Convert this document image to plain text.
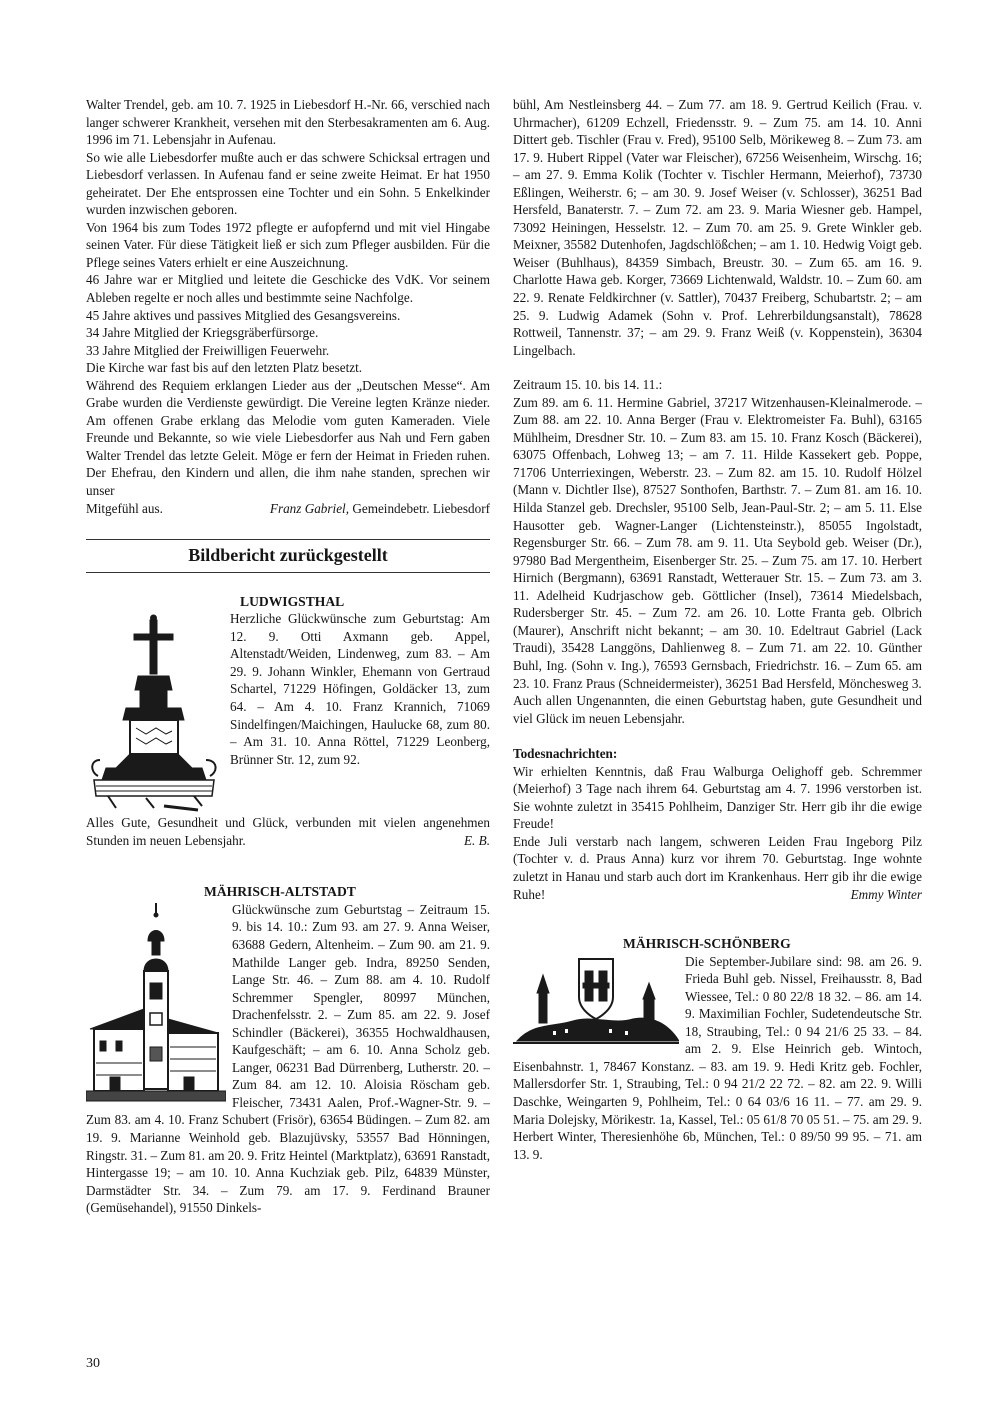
Walter Trendel, geb. am 10. 7. 1925 in Liebesdorf H.-Nr. 66, verschied nach langer schwerer Krankheit, versehen mit den Sterbesakramenten am 6. Aug. 1996 im 71. Lebensjahr in Aufenau.

So wie alle Liebesdorfer mußte auch er das schwere Schicksal ertragen und Liebesdorf verlassen. In Aufenau fand er seine zweite Heimat. Er hat 1950 geheiratet. Der Ehe entsprossen eine Tochter und ein Sohn. 5 Enkelkinder wurden inzwischen geboren.

Von 1964 bis zum Todes 1972 pflegte er aufopfernd und mit viel Hingabe seinen Vater. Für diese Tätigkeit ließ er sich zum Pfleger ausbilden. Für die Pflege seines Vaters erhielt er eine Auszeichnung.

46 Jahre war er Mitglied und leitete die Geschicke des VdK. Vor seinem Ableben regelte er noch alles und bestimmte seine Nachfolge.

45 Jahre aktives und passives Mitglied des Gesangsvereins.

34 Jahre Mitglied der Kriegsgräberfürsorge.

33 Jahre Mitglied der Freiwilligen Feuerwehr.

Die Kirche war fast bis auf den letzten Platz besetzt.

Während des Requiem erklangen Lieder aus der „Deutschen Messe“. Am Grabe wurden die Verdienste gewürdigt. Die Vereine legten Kränze nieder. Am offenen Grabe erklang das Melodie vom guten Kameraden. Viele Freunde und Bekannte, so wie viele Liebesdorfer aus Nah und Fern gaben Walter Trendel das letzte Geleit. Möge er fern der Heimat in Frieden ruhen. Der Ehefrau, den Kindern und allen, die ihm nahe standen, sprechen wir unser

Mitgefühl aus.	Franz Gabriel, Gemeindebetr. Liebesdorf
Bildbericht zurückgestellt
LUDWIGSTHAL

Herzliche Glückwünsche zum Geburtstag: Am 12. 9. Otti Axmann geb. Appel, Altenstadt/Weiden, Lindenweg, zum 83. – Am 29. 9. Johann Winkler, Ehemann von Gertraud Schartel, 71229 Höfingen, Goldäcker 13, zum 64. – Am 4. 10. Franz Krannich, 71069 Sindelfingen/Maichingen, Haulucke 68, zum 80. – Am 31. 10. Anna Röttel, 71229 Leonberg, Brünner Str. 12, zum 92.

Alles Gute, Gesundheit und Glück, verbunden mit vielen angenehmen Stunden im neuen Lebensjahr.	E. B.
MÄHRISCH-ALTSTADT

Glückwünsche zum Geburtstag – Zeitraum 15. 9. bis 14. 10.: Zum 93. am 27. 9. Anna Weiser, 63688 Gedern, Altenheim. – Zum 90. am 21. 9. Mathilde Langer geb. Indra, 89250 Senden, Lange Str. 46. – Zum 88. am 4. 10. Rudolf Schremmer Spengler, 80997 München, Drachenfelsstr. 2. – Zum 85. am 22. 9. Josef Schindler (Bäckerei), 36355 Hochwaldhausen, Kaufgeschäft; – am 6. 10. Anna Scholz geb. Langer, 06231 Bad Dürrenberg, Lutherstr. 20. – Zum 84. am 12. 10. Aloisia Röscham geb. Fleischer, 73431 Aalen, Prof.-Wagner-Str. 9. – Zum 83. am 4. 10. Franz Schubert (Frisör), 63654 Büdingen. – Zum 82. am 19. 9. Marianne Weinhold geb. Blazujüvsky, 53557 Bad Hönningen, Ringstr. 31. – Zum 81. am 20. 9. Fritz Heintel (Marktplatz), 63691 Ranstadt, Hintergasse 19; – am 10. 10. Anna Kuchziak geb. Pilz, 64839 Münster, Darmstädter Str. 34. – Zum 79. am 17. 9. Ferdinand Brauner (Gemüsehandel), 91550 Dinkels-

bühl, Am Nestleinsberg 44. – Zum 77. am 18. 9. Gertrud Keilich (Frau. v. Uhrmacher), 61209 Echzell, Friedensstr. 9. – Zum 75. am 14. 10. Anni Dittert geb. Tischler (Frau v. Fred), 95100 Selb, Mörikeweg 8. – Zum 73. am 17. 9. Hubert Rippel (Vater war Fleischer), 67256 Weisenheim, Wirschg. 16; – am 27. 9. Emma Kolik (Tochter v. Tischler Hermann, Meierhof), 73730 Eßlingen, Weiherstr. 6; – am 30. 9. Josef Weiser (v. Schlosser), 36251 Bad Hersfeld, Banaterstr. 7. – Zum 72. am 23. 9. Maria Wiesner geb. Hampel, 73092 Heiningen, Hesselstr. 12. – Zum 70. am 25. 9. Grete Winkler geb. Meixner, 35582 Dutenhofen, Jagdschlößchen; – am 1. 10. Hedwig Voigt geb. Weiser (Buhlhaus), 84359 Simbach, Breustr. 30. – Zum 65. am 16. 9. Charlotte Hawa geb. Korger, 73669 Lichtenwald, Waldstr. 10. – Zum 60. am 22. 9. Renate Feldkirchner (v. Sattler), 70437 Freiberg, Schubartstr. 2; – am 25. 9. Ludwig Adamek (Sohn v. Prof. Lehrerbildungsanstalt), 78628 Rottweil, Tannenstr. 37; – am 29. 9. Franz Weiß (v. Koppenstein), 36304 Lingelbach.

Zeitraum 15. 10. bis 14. 11.:

Zum 89. am 6. 11. Hermine Gabriel, 37217 Witzenhausen-Kleinalmerode. – Zum 88. am 22. 10. Anna Berger (Frau v. Elektromeister Fa. Buhl), 63165 Mühlheim, Dresdner Str. 10. – Zum 83. am 15. 10. Franz Kosch (Bäckerei), 63075 Offenbach, Lohweg 13; – am 7. 11. Hilde Kassekert geb. Poppe, 71706 Unterriexingen, Weberstr. 23. – Zum 82. am 15. 10. Rudolf Hölzel (Mann v. Dichtler Ilse), 87527 Sonthofen, Barthstr. 7. – Zum 81. am 16. 10. Hilda Stanzel geb. Drechsler, 95100 Selb, Jean-Paul-Str. 2; – am 5. 11. Else Hausotter geb. Wagner-Langer (Lichtensteinstr.), 85055 Ingolstadt, Regensburger Str. 66. – Zum 78. am 9. 11. Uta Seybold geb. Weiser (Dr.), 97980 Bad Mergentheim, Eisenberger Str. 25. – Zum 75. am 17. 10. Herbert Hirnich (Bergmann), 63691 Ranstadt, Wetterauer Str. 15. – Zum 73. am 3. 11. Adelheid Kudrjaschow geb. Göttlicher (Insel), 73614 Miedelsbach, Rudersberger Str. 45. – Zum 72. am 26. 10. Lotte Franta geb. Olbrich (Maurer), Anschrift nicht bekannt; – am 30. 10. Edeltraut Gabriel (Lack Traudi), 35428 Langgöns, Dahlienweg 8. – Zum 71. am 22. 10. Günther Buhl, Ing. (Sohn v. Ing.), 76593 Gernsbach, Friedrichstr. 16. – Zum 65. am 23. 10. Franz Praus (Schneidermeister), 36251 Bad Hersfeld, Mönchesweg 3.

Auch allen Ungenannten, die einen Geburtstag haben, gute Gesundheit und viel Glück im neuen Lebensjahr.

Todesnachrichten:

Wir erhielten Kenntnis, daß Frau Walburga Oelighoff geb. Schremmer (Meierhof) 3 Tage nach ihrem 64. Geburtstag am 4. 7. 1996 verstorben ist. Sie wohnte zuletzt in 35415 Pohlheim, Danziger Str. Herr gib ihr die ewige Freude!

Ende Juli verstarb nach langem, schweren Leiden Frau Ingeborg Pilz (Tochter v. d. Praus Anna) kurz vor ihrem 70. Geburtstag. Inge wohnte zuletzt in Hanau und starb auch dort im Krankenhaus. Herr gib ihr die ewige Ruhe!	Emmy Winter
MÄHRISCH-SCHÖNBERG

Die September-Jubilare sind: 98. am 26. 9. Frieda Buhl geb. Nissel, Freihausstr. 8, Bad Wiessee, Tel.: 0 80 22/8 18 32. – 86. am 14. 9. Maximilian Fochler, Sudetendeutsche Str. 18, Straubing, Tel.: 0 94 21/6 25 33. – 84. am 2. 9. Else Heinrich geb. Wintoch, Eisenbahnstr. 1, 78467 Konstanz. – 83. am 19. 9. Hedi Kritz geb. Fochler, Mallersdorfer Str. 1, Straubing, Tel.: 0 94 21/2 22 72. – 82. am 22. 9. Willi Daschke, Weingarten 9, Pohlheim, Tel.: 0 64 03/6 16 11. – 77. am 29. 9. Maria Dolejsky, Mörikestr. 1a, Kassel, Tel.: 05 61/8 70 05 51. – 75. am 29. 9. Herbert Winter, Theresienhöhe 6b, München, Tel.: 0 89/50 99 95. – 71. am 13. 9.

30
